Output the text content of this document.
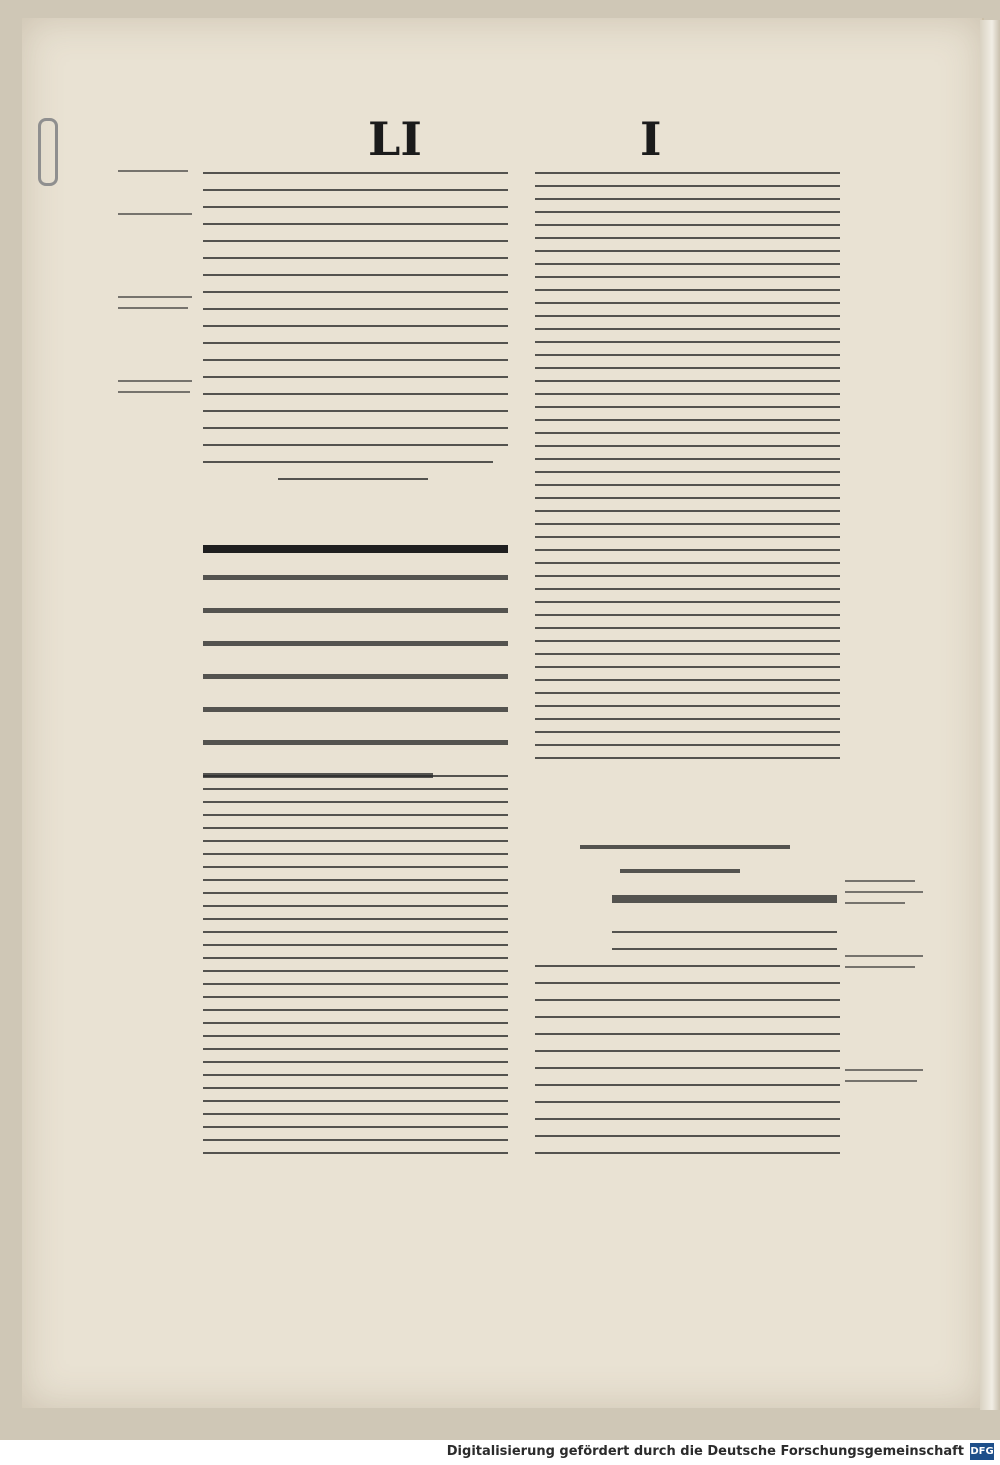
LI	I
Digitalisierung gefördert durch die Deutsche Forschungsgemeinschaft DFG
